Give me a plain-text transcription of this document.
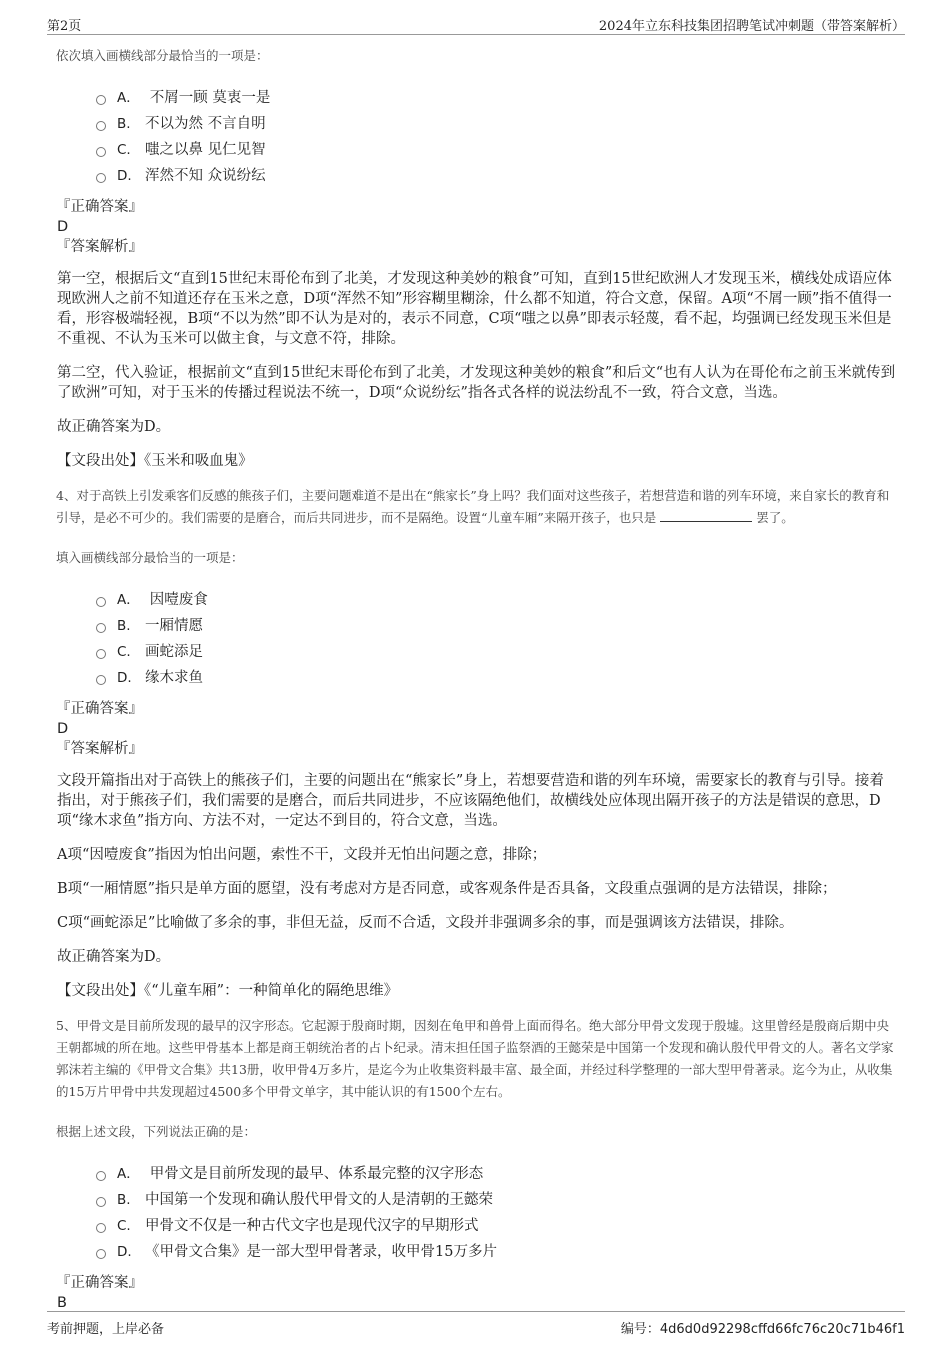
第2页	2024年立东科技集团招聘笔试冲刺题（带答案解析）
依次填入画横线部分最恰当的一项是：
A． 不屑一顾 莫衷一是
B. 不以为然 不言自明
C. 嗤之以鼻 见仁见智
D. 浑然不知 众说纷纭
『正确答案』
D
『答案解析』
第一空，根据后文“直到15世纪末哥伦布到了北美，才发现这种美妙的粮食”可知，直到15世纪欧洲人才发现玉米，横线处成语应体现欧洲人之前不知道还存在玉米之意，D项“浑然不知”形容糊里糊涂，什么都不知道，符合文意，保留。A项“不屑一顾”指不值得一看，形容极端轻视，B项“不以为然”即不认为是对的，表示不同意，C项“嗤之以鼻”即表示轻蔑，看不起，均强调已经发现玉米但是不重视、不认为玉米可以做主食，与文意不符，排除。
第二空，代入验证，根据前文“直到15世纪末哥伦布到了北美，才发现这种美妙的粮食”和后文“也有人认为在哥伦布之前玉米就传到了欧洲”可知，对于玉米的传播过程说法不统一，D项“众说纷纭”指各式各样的说法纷乱不一致，符合文意，当选。
故正确答案为D。
【文段出处】《玉米和吸血鬼》
4、对于高铁上引发乘客们反感的熊孩子们，主要问题难道不是出在“熊家长”身上吗？我们面对这些孩子，若想营造和谐的列车环境，来自家长的教育和引导，是必不可少的。我们需要的是磨合，而后共同进步，而不是隔绝。设置“儿童车厢”来隔开孩子，也只是	罢了。
填入画横线部分最恰当的一项是：
A． 因噎废食
B. 一厢情愿
C. 画蛇添足
D. 缘木求鱼
『正确答案』
D
『答案解析』
文段开篇指出对于高铁上的熊孩子们，主要的问题出在“熊家长”身上，若想要营造和谐的列车环境，需要家长的教育与引导。接着指出，对于熊孩子们，我们需要的是磨合，而后共同进步，不应该隔绝他们，故横线处应体现出隔开孩子的方法是错误的意思，D项“缘木求鱼”指方向、方法不对，一定达不到目的，符合文意，当选。
A项“因噎废食”指因为怕出问题，索性不干，文段并无怕出问题之意，排除；
B项“一厢情愿”指只是单方面的愿望，没有考虑对方是否同意，或客观条件是否具备，文段重点强调的是方法错误，排除；
C项“画蛇添足”比喻做了多余的事，非但无益，反而不合适，文段并非强调多余的事，而是强调该方法错误，排除。
故正确答案为D。
【文段出处】《“儿童车厢”：一种简单化的隔绝思维》
5、甲骨文是目前所发现的最早的汉字形态。它起源于殷商时期，因刻在龟甲和兽骨上面而得名。绝大部分甲骨文发现于殷墟。这里曾经是殷商后期中央王朝都城的所在地。这些甲骨基本上都是商王朝统治者的占卜纪录。清末担任国子监祭酒的王懿荣是中国第一个发现和确认殷代甲骨文的人。著名文学家郭沫若主编的《甲骨文合集》共13册，收甲骨4万多片，是迄今为止收集资料最丰富、最全面，并经过科学整理的一部大型甲骨著录。迄今为止，从收集的15万片甲骨中共发现超过4500多个甲骨文单字，其中能认识的有1500个左右。
根据上述文段，下列说法正确的是：
A． 甲骨文是目前所发现的最早、体系最完整的汉字形态
B. 中国第一个发现和确认殷代甲骨文的人是清朝的王懿荣
C. 甲骨文不仅是一种古代文字也是现代汉字的早期形式
D. 《甲骨文合集》是一部大型甲骨著录，收甲骨15万多片
『正确答案』
B
考前押题，上岸必备	编号：4d6d0d92298cffd66fc76c20c71b46f1
